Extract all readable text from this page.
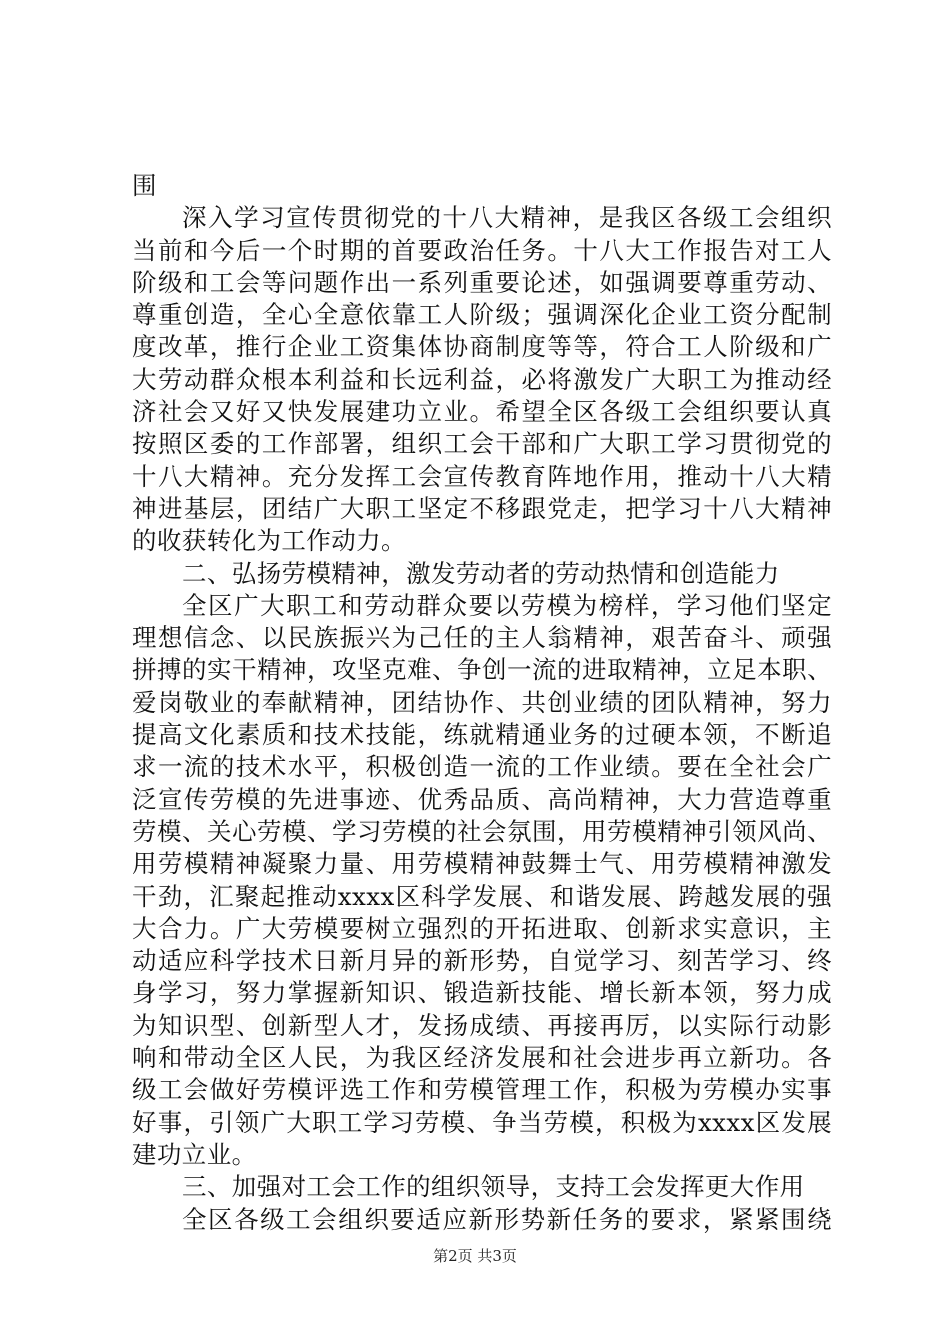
围
深入学习宣传贯彻党的十八大精神，是我区各级工会组织
当前和今后一个时期的首要政治任务。十八大工作报告对工人
阶级和工会等问题作出一系列重要论述，如强调要尊重劳动、
尊重创造，全心全意依靠工人阶级；强调深化企业工资分配制
度改革，推行企业工资集体协商制度等等，符合工人阶级和广
大劳动群众根本利益和长远利益，必将激发广大职工为推动经
济社会又好又快发展建功立业。希望全区各级工会组织要认真
按照区委的工作部署，组织工会干部和广大职工学习贯彻党的
十八大精神。充分发挥工会宣传教育阵地作用，推动十八大精
神进基层，团结广大职工坚定不移跟党走，把学习十八大精神
的收获转化为工作动力。
二、弘扬劳模精神，激发劳动者的劳动热情和创造能力
全区广大职工和劳动群众要以劳模为榜样，学习他们坚定
理想信念、以民族振兴为己任的主人翁精神，艰苦奋斗、顽强
拼搏的实干精神，攻坚克难、争创一流的进取精神，立足本职、
爱岗敬业的奉献精神，团结协作、共创业绩的团队精神，努力
提高文化素质和技术技能，练就精通业务的过硬本领，不断追
求一流的技术水平，积极创造一流的工作业绩。要在全社会广
泛宣传劳模的先进事迹、优秀品质、高尚精神，大力营造尊重
劳模、关心劳模、学习劳模的社会氛围，用劳模精神引领风尚、
用劳模精神凝聚力量、用劳模精神鼓舞士气、用劳模精神激发
干劲，汇聚起推动xxxx区科学发展、和谐发展、跨越发展的强
大合力。广大劳模要树立强烈的开拓进取、创新求实意识，主
动适应科学技术日新月异的新形势，自觉学习、刻苦学习、终
身学习，努力掌握新知识、锻造新技能、增长新本领，努力成
为知识型、创新型人才，发扬成绩、再接再厉，以实际行动影
响和带动全区人民，为我区经济发展和社会进步再立新功。各
级工会做好劳模评选工作和劳模管理工作，积极为劳模办实事
好事，引领广大职工学习劳模、争当劳模，积极为xxxx区发展
建功立业。
三、加强对工会工作的组织领导，支持工会发挥更大作用
全区各级工会组织要适应新形势新任务的要求，紧紧围绕
第2页 共3页
